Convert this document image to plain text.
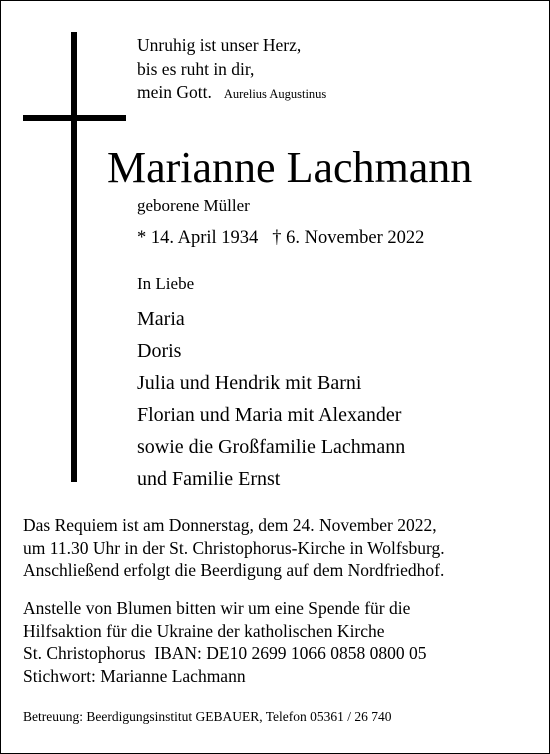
Unruhig ist unser Herz,
bis es ruht in dir,
mein Gott. Aurelius Augustinus
Marianne Lachmann
geborene Müller
* 14. April 1934 † 6. November 2022
In Liebe
Maria
Doris
Julia und Hendrik mit Barni
Florian und Maria mit Alexander
sowie die Großfamilie Lachmann
und Familie Ernst
Das Requiem ist am Donnerstag, dem 24. November 2022,
um 11.30 Uhr in der St. Christophorus-Kirche in Wolfsburg.
Anschließend erfolgt die Beerdigung auf dem Nordfriedhof.
Anstelle von Blumen bitten wir um eine Spende für die
Hilfsaktion für die Ukraine der katholischen Kirche
St. Christophorus  IBAN: DE10 2699 1066 0858 0800 05
Stichwort: Marianne Lachmann
Betreuung: Beerdigungsinstitut GEBAUER, Telefon 05361 / 26 740
